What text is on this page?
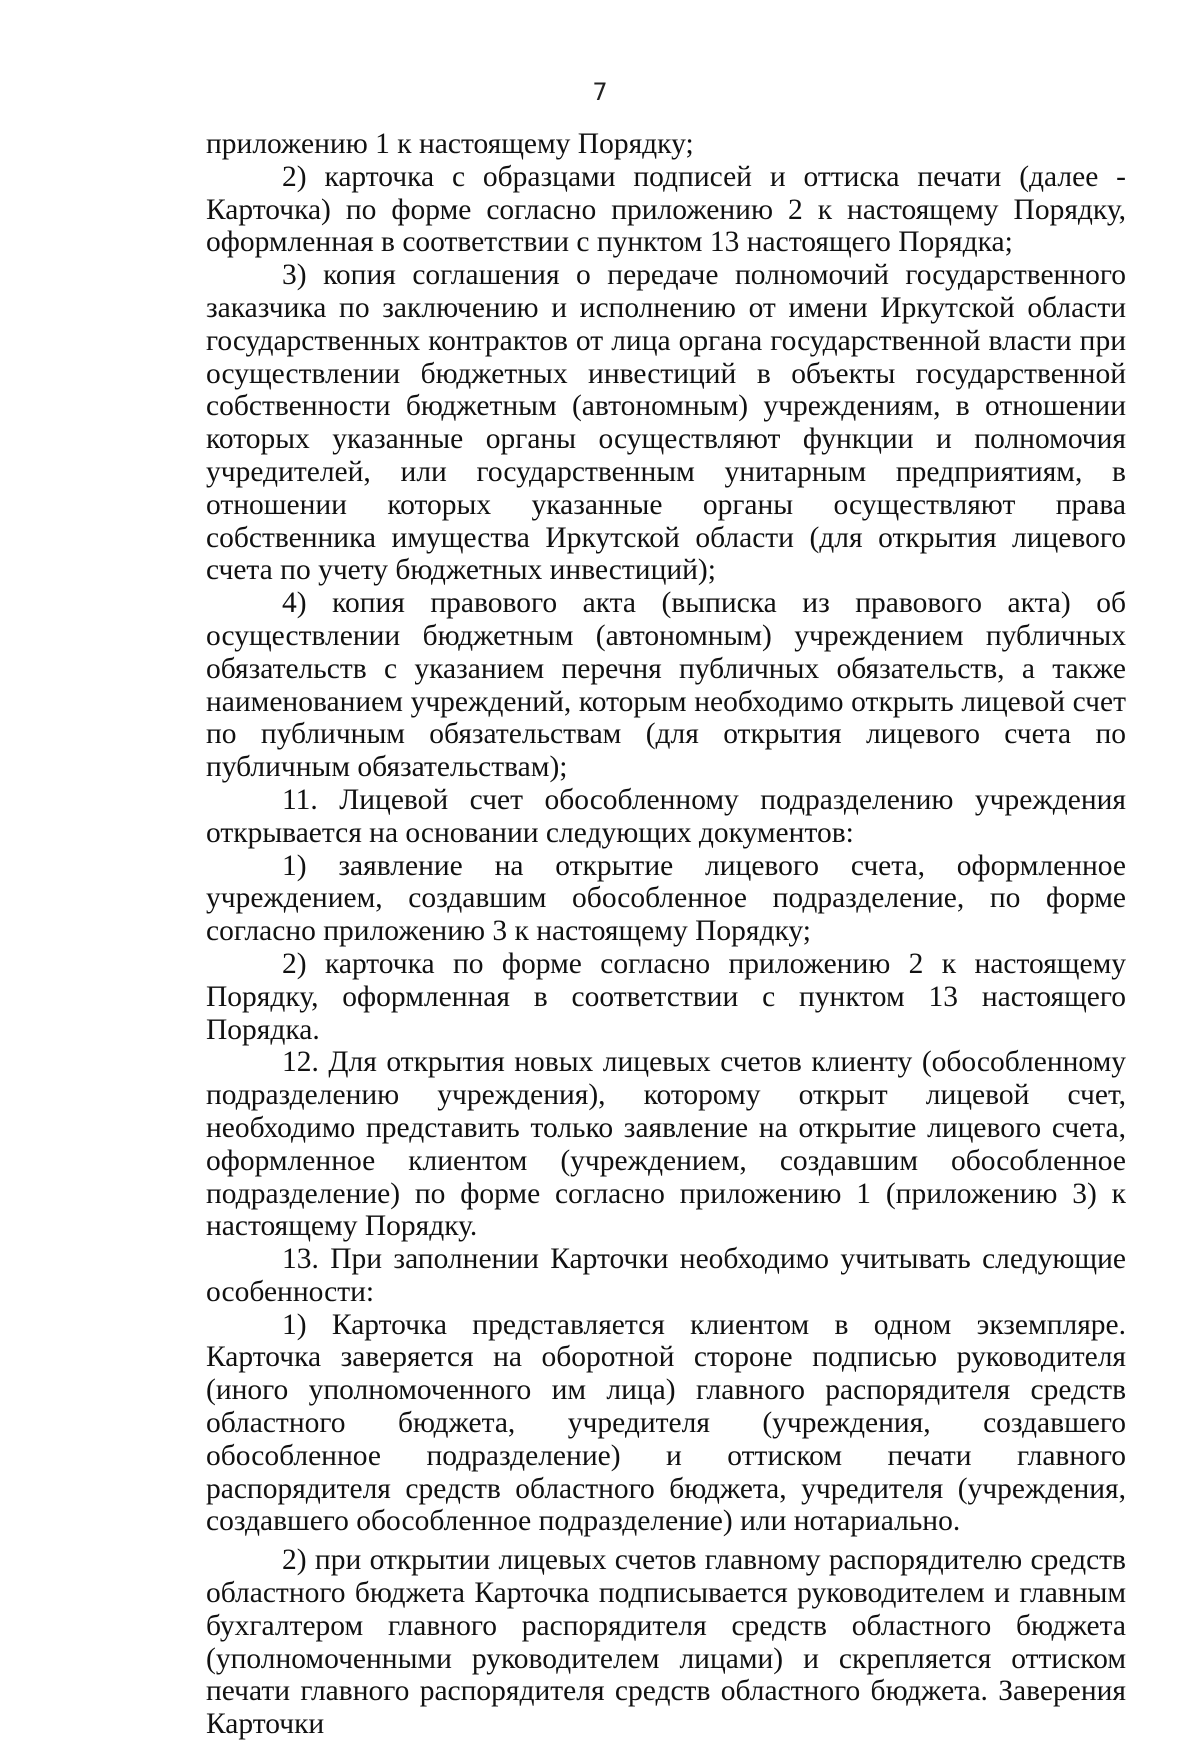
7

приложению 1 к настоящему Порядку;

2) карточка с образцами подписей и оттиска печати (далее - Карточка) по форме согласно приложению 2 к настоящему Порядку, оформленная в соответствии с пунктом 13 настоящего Порядка;

3) копия соглашения о передаче полномочий государственного заказчика по заключению и исполнению от имени Иркутской области государственных контрактов от лица органа государственной власти при осуществлении бюджетных инвестиций в объекты государственной собственности бюджетным (автономным) учреждениям, в отношении которых указанные органы осуществляют функции и полномочия учредителей, или государственным унитарным предприятиям, в отношении которых указанные органы осуществляют права собственника имущества Иркутской области (для открытия лицевого счета по учету бюджетных инвестиций);

4) копия правового акта (выписка из правового акта) об осуществлении бюджетным (автономным) учреждением публичных обязательств с указанием перечня публичных обязательств, а также наименованием учреждений, которым необходимо открыть лицевой счет по публичным обязательствам (для открытия лицевого счета по публичным обязательствам);

11. Лицевой счет обособленному подразделению учреждения открывается на основании следующих документов:

1) заявление на открытие лицевого счета, оформленное учреждением, создавшим обособленное подразделение, по форме согласно приложению 3 к настоящему Порядку;

2) карточка по форме согласно приложению 2 к настоящему Порядку, оформленная в соответствии с пунктом 13 настоящего Порядка.

12. Для открытия новых лицевых счетов клиенту (обособленному подразделению учреждения), которому открыт лицевой счет, необходимо представить только заявление на открытие лицевого счета, оформленное клиентом (учреждением, создавшим обособленное подразделение) по форме согласно приложению 1 (приложению 3) к настоящему Порядку.

13. При заполнении Карточки необходимо учитывать следующие особенности:

1) Карточка представляется клиентом в одном экземпляре. Карточка заверяется на оборотной стороне подписью руководителя (иного уполномоченного им лица) главного распорядителя средств областного бюджета, учредителя (учреждения, создавшего обособленное подразделение) и оттиском печати главного распорядителя средств областного бюджета, учредителя (учреждения, создавшего обособленное подразделение) или нотариально.

2) при открытии лицевых счетов главному распорядителю средств областного бюджета Карточка подписывается руководителем и главным бухгалтером главного распорядителя средств областного бюджета (уполномоченными руководителем лицами) и скрепляется оттиском печати главного распорядителя средств областного бюджета. Заверения Карточки
